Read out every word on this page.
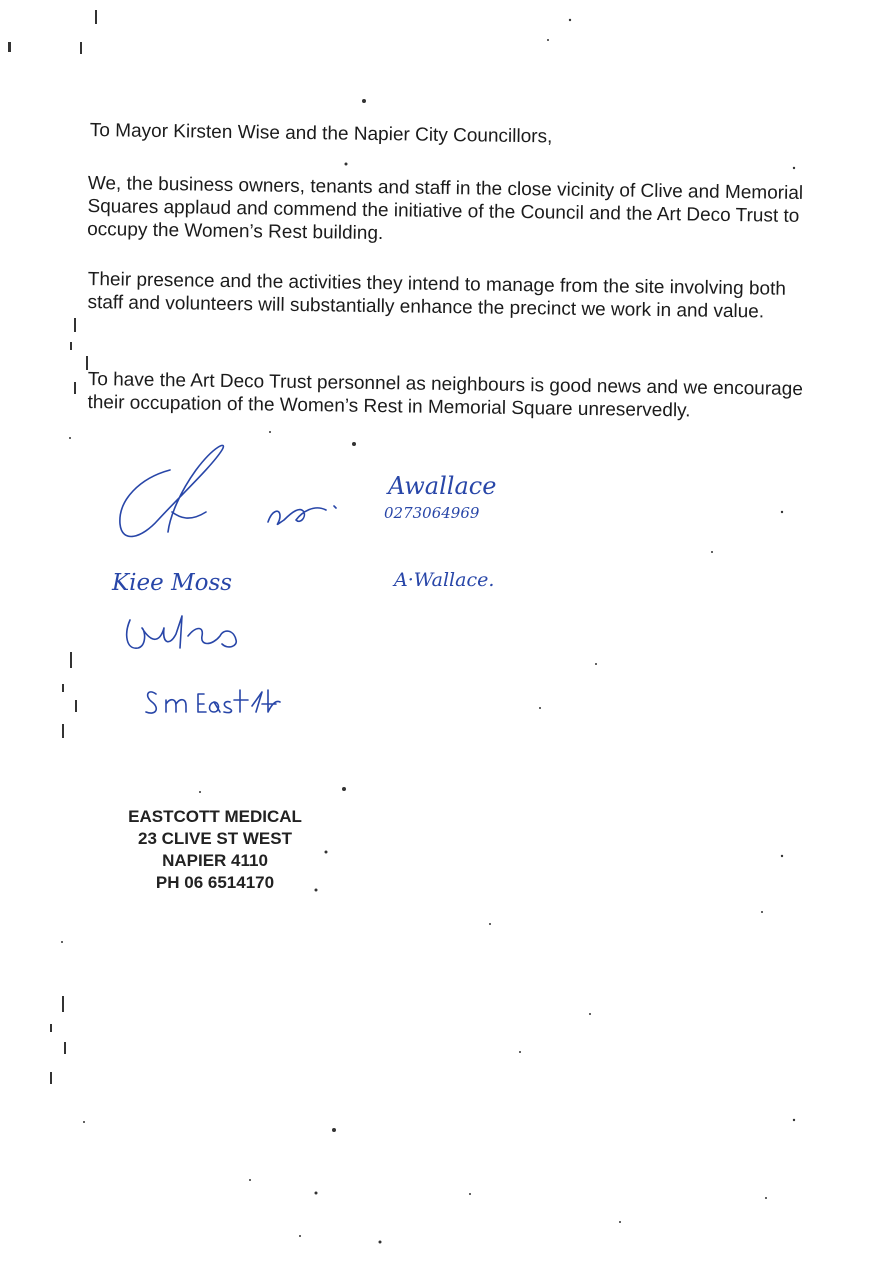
To Mayor Kirsten Wise and the Napier City Councillors,

We, the business owners, tenants and staff in the close vicinity of Clive and Memorial Squares applaud and commend the initiative of the Council and the Art Deco Trust to occupy the Women’s Rest building.

Their presence and the activities they intend to manage from the site involving both staff and volunteers will substantially enhance the precinct we work in and value.

To have the Art Deco Trust personnel as neighbours is good news and we encourage their occupation of the Women’s Rest in Memorial Square unreservedly.

Awallace
0273064969
Kiee Moss	A·Wallace.
EASTCOTT MEDICAL
23 CLIVE ST WEST
NAPIER 4110
PH 06 6514170
